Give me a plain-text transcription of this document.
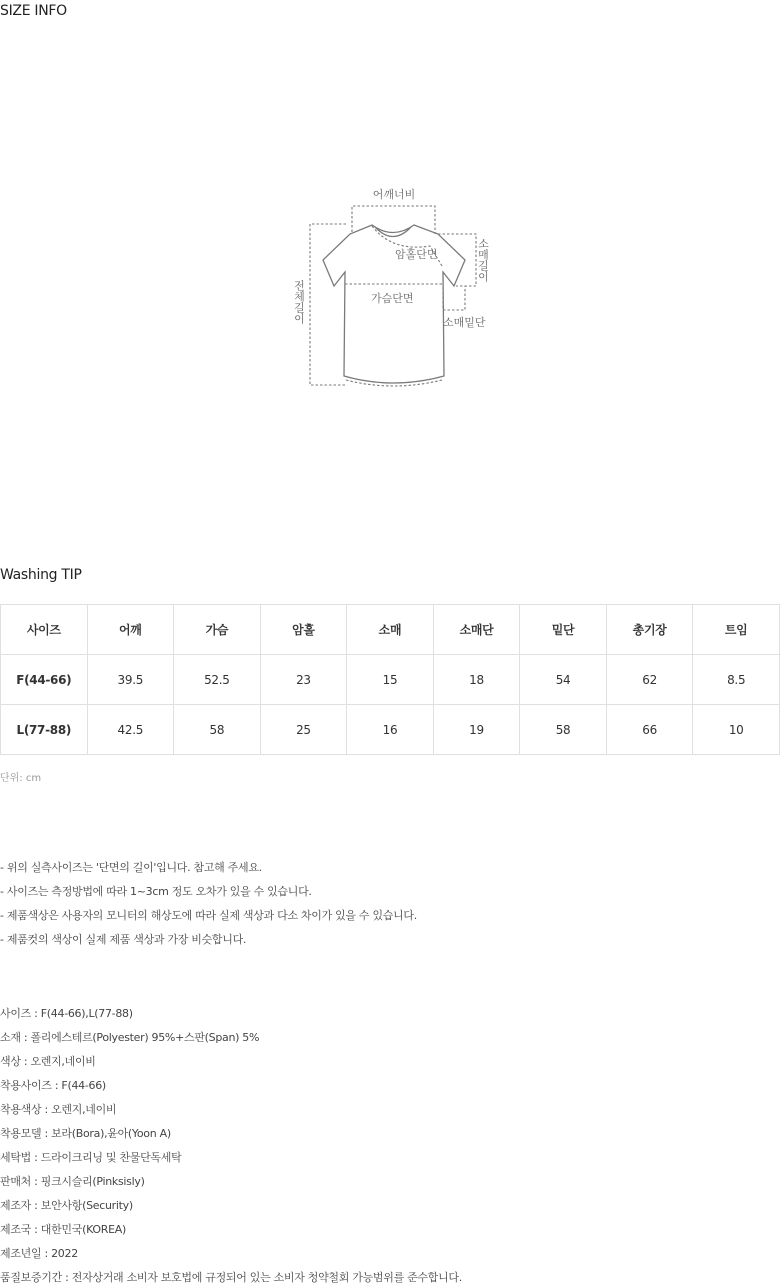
SIZE INFO
어깨너비
암홀단면
가슴단면
소매밑단
소매길이
전체길이
Washing TIP
사이즈	어깨	가슴	암홀	소매	소매단	밑단	총기장	트임
F(44-66)	39.5	52.5	23	15	18	54	62	8.5
L(77-88)	42.5	58	25	16	19	58	66	10
단위: cm

- 위의 실측사이즈는 '단면의 길이'입니다. 참고해 주세요.

- 사이즈는 측정방법에 따라 1~3cm 정도 오차가 있을 수 있습니다.

- 제품색상은 사용자의 모니터의 해상도에 따라 실제 색상과 다소 차이가 있을 수 있습니다.

- 제품컷의 색상이 실제 제품 색상과 가장 비슷합니다.

사이즈 : F(44-66),L(77-88)

소재 : 폴리에스테르(Polyester) 95%+스판(Span) 5%

색상 : 오렌지,네이비

착용사이즈 : F(44-66)

착용색상 : 오렌지,네이비

착용모델 : 보라(Bora),윤아(Yoon A)

세탁법 : 드라이크리닝 및 찬물단독세탁

판매처 : 핑크시슬리(Pinksisly)

제조자 : 보안사항(Security)

제조국 : 대한민국(KOREA)

제조년일 : 2022

품질보증기간 : 전자상거래 소비자 보호법에 규정되어 있는 소비자 청약철회 가능범위를 준수합니다.
